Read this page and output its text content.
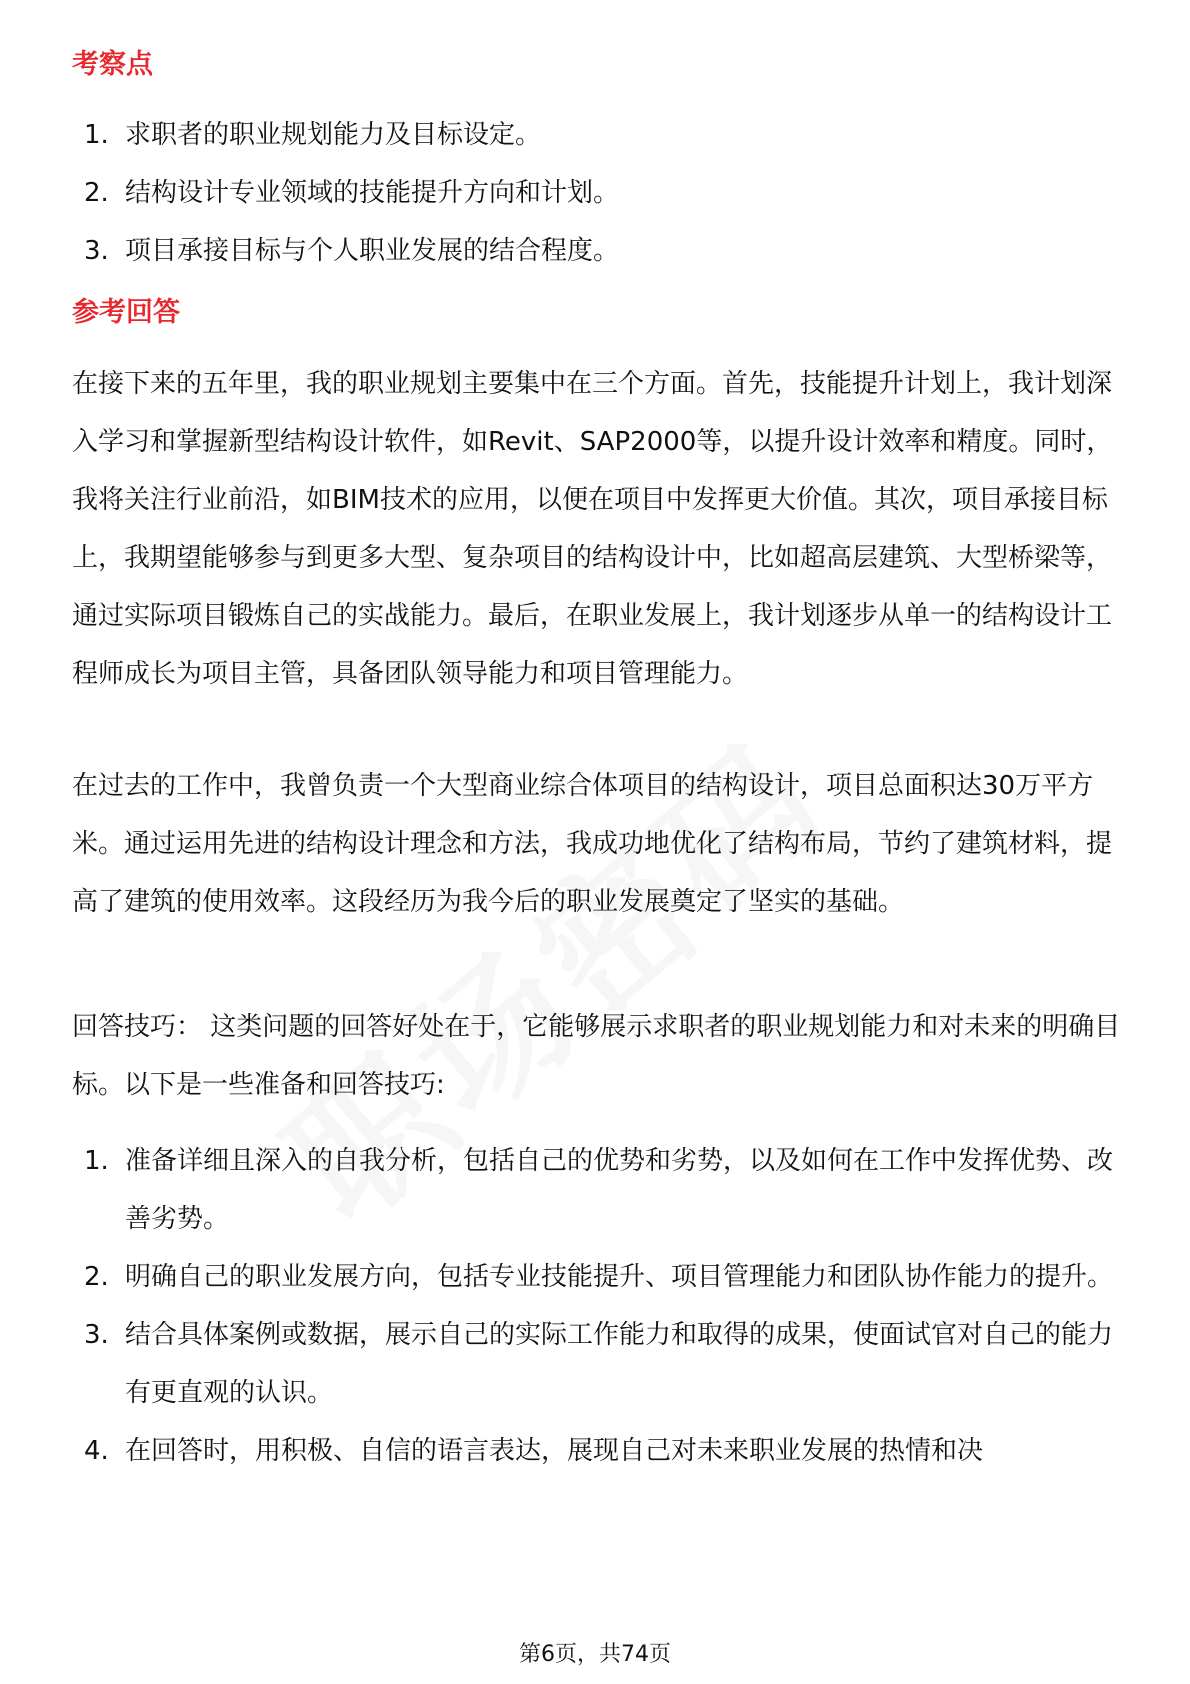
考察点
1. 求职者的职业规划能力及目标设定。
2. 结构设计专业领域的技能提升方向和计划。
3. 项目承接目标与个人职业发展的结合程度。
参考回答

在接下来的五年里，我的职业规划主要集中在三个方面。首先，技能提升计划上，我计划深入学习和掌握新型结构设计软件，如Revit、SAP2000等，以提升设计效率和精度。同时，我将关注行业前沿，如BIM技术的应用，以便在项目中发挥更大价值。其次，项目承接目标上，我期望能够参与到更多大型、复杂项目的结构设计中，比如超高层建筑、大型桥梁等，通过实际项目锻炼自己的实战能力。最后，在职业发展上，我计划逐步从单一的结构设计工程师成长为项目主管，具备团队领导能力和项目管理能力。

在过去的工作中，我曾负责一个大型商业综合体项目的结构设计，项目总面积达30万平方米。通过运用先进的结构设计理念和方法，我成功地优化了结构布局，节约了建筑材料，提高了建筑的使用效率。这段经历为我今后的职业发展奠定了坚实的基础。

回答技巧： 这类问题的回答好处在于，它能够展示求职者的职业规划能力和对未来的明确目标。以下是一些准备和回答技巧:

1. 准备详细且深入的自我分析，包括自己的优势和劣势，以及如何在工作中发挥优势、改善劣势。
2. 明确自己的职业发展方向，包括专业技能提升、项目管理能力和团队协作能力的提升。
3. 结合具体案例或数据，展示自己的实际工作能力和取得的成果，使面试官对自己的能力有更直观的认识。
4. 在回答时，用积极、自信的语言表达，展现自己对未来职业发展的热情和决
第6页，共74页
